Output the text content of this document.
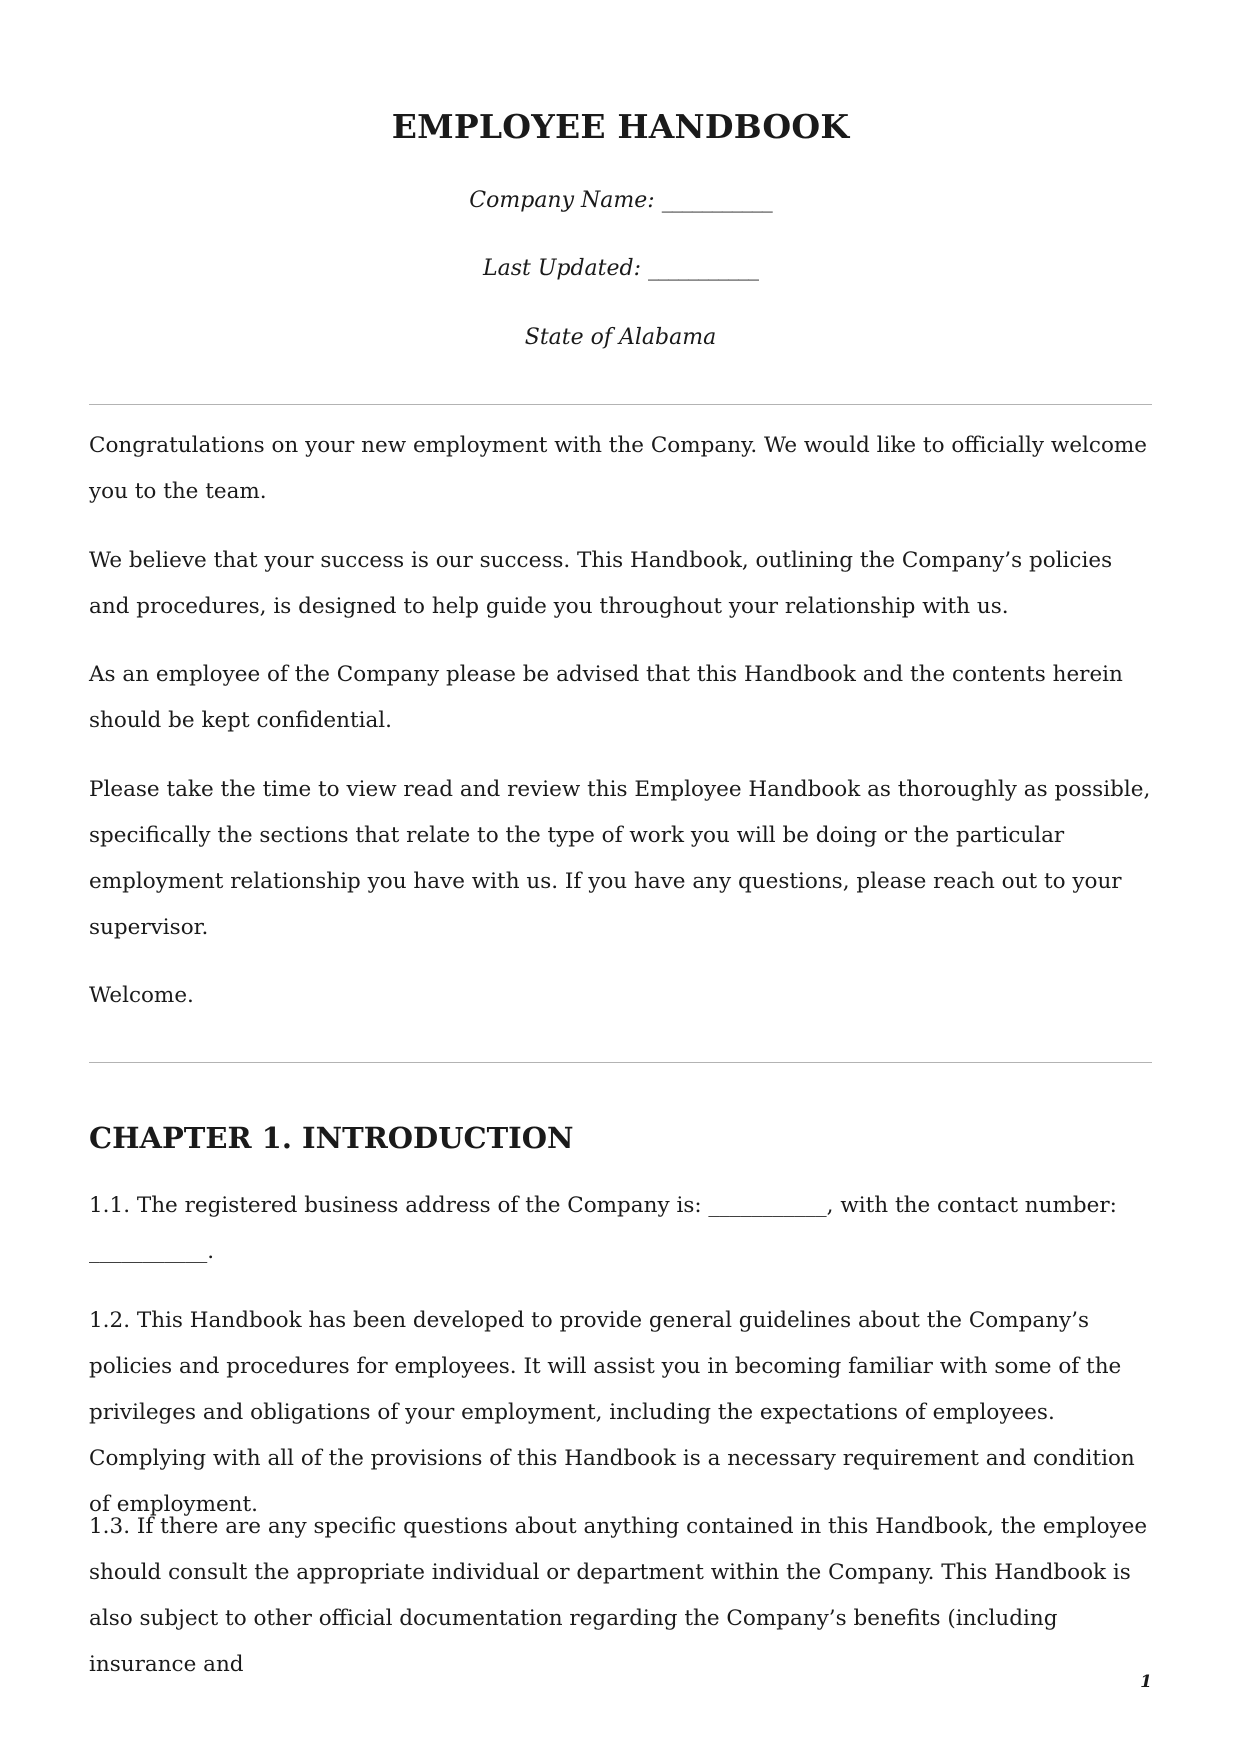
EMPLOYEE HANDBOOK

Company Name: ___________

Last Updated: ___________

State of Alabama

Congratulations on your new employment with the Company. We would like to officially welcome you to the team.

We believe that your success is our success. This Handbook, outlining the Company’s policies and procedures, is designed to help guide you throughout your relationship with us.

As an employee of the Company please be advised that this Handbook and the contents herein should be kept confidential.

Please take the time to view read and review this Employee Handbook as thoroughly as possible, specifically the sections that relate to the type of work you will be doing or the particular employment relationship you have with us. If you have any questions, please reach out to your supervisor.

Welcome.

CHAPTER 1. INTRODUCTION

1.1. The registered business address of the Company is: ___________, with the contact number: ___________.

1.2. This Handbook has been developed to provide general guidelines about the Company’s policies and procedures for employees. It will assist you in becoming familiar with some of the privileges and obligations of your employment, including the expectations of employees. Complying with all of the provisions of this Handbook is a necessary requirement and condition of employment.

1.3. If there are any specific questions about anything contained in this Handbook, the employee should consult the appropriate individual or department within the Company. This Handbook is also subject to other official documentation regarding the Company’s benefits (including insurance and

1
